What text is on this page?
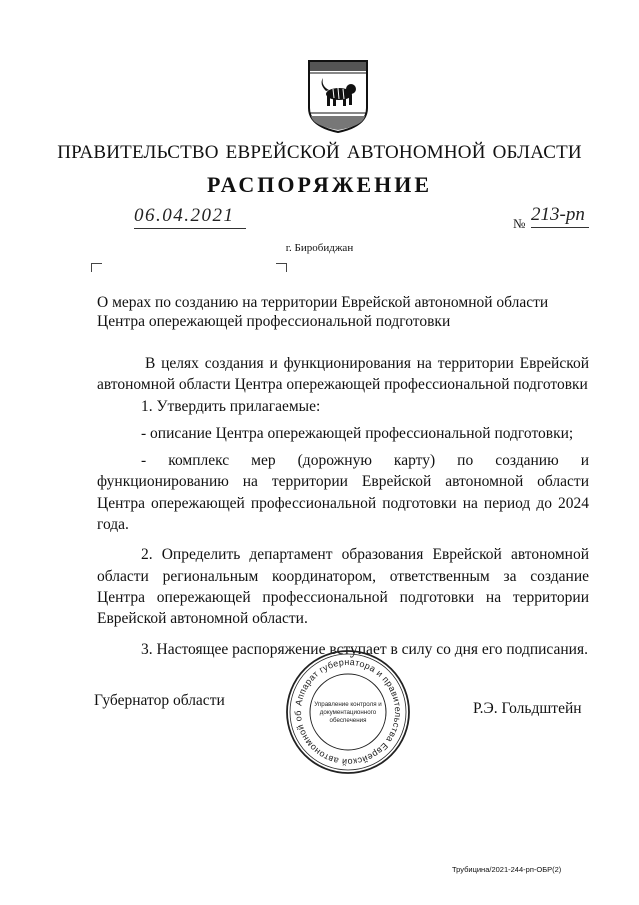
ПРАВИТЕЛЬСТВО ЕВРЕЙСКОЙ АВТОНОМНОЙ ОБЛАСТИ
РАСПОРЯЖЕНИЕ
06.04.2021	№ 213-рп
г. Биробиджан
О мерах по созданию на территории Еврейской автономной области Центра опережающей профессиональной подготовки

В целях создания и функционирования на территории Еврейской автономной области Центра опережающей профессиональной подготовки

1. Утвердить прилагаемые:

- описание Центра опережающей профессиональной подготовки;

- комплекс мер (дорожную карту) по созданию и функционированию на территории Еврейской автономной области Центра опережающей профессиональной подготовки на период до 2024 года.

2. Определить департамент образования Еврейской автономной области региональным координатором, ответственным за создание Центра опережающей профессиональной подготовки на территории Еврейской автономной области.

3. Настоящее распоряжение вступает в силу со дня его подписания.

Губернатор области	Р.Э. Гольдштейн
Аппарат губернатора и правительства Еврейской автономной об
Управление контроля и
документационного
обеспечения
Трубицина/2021-244-рп-ОБР(2)
